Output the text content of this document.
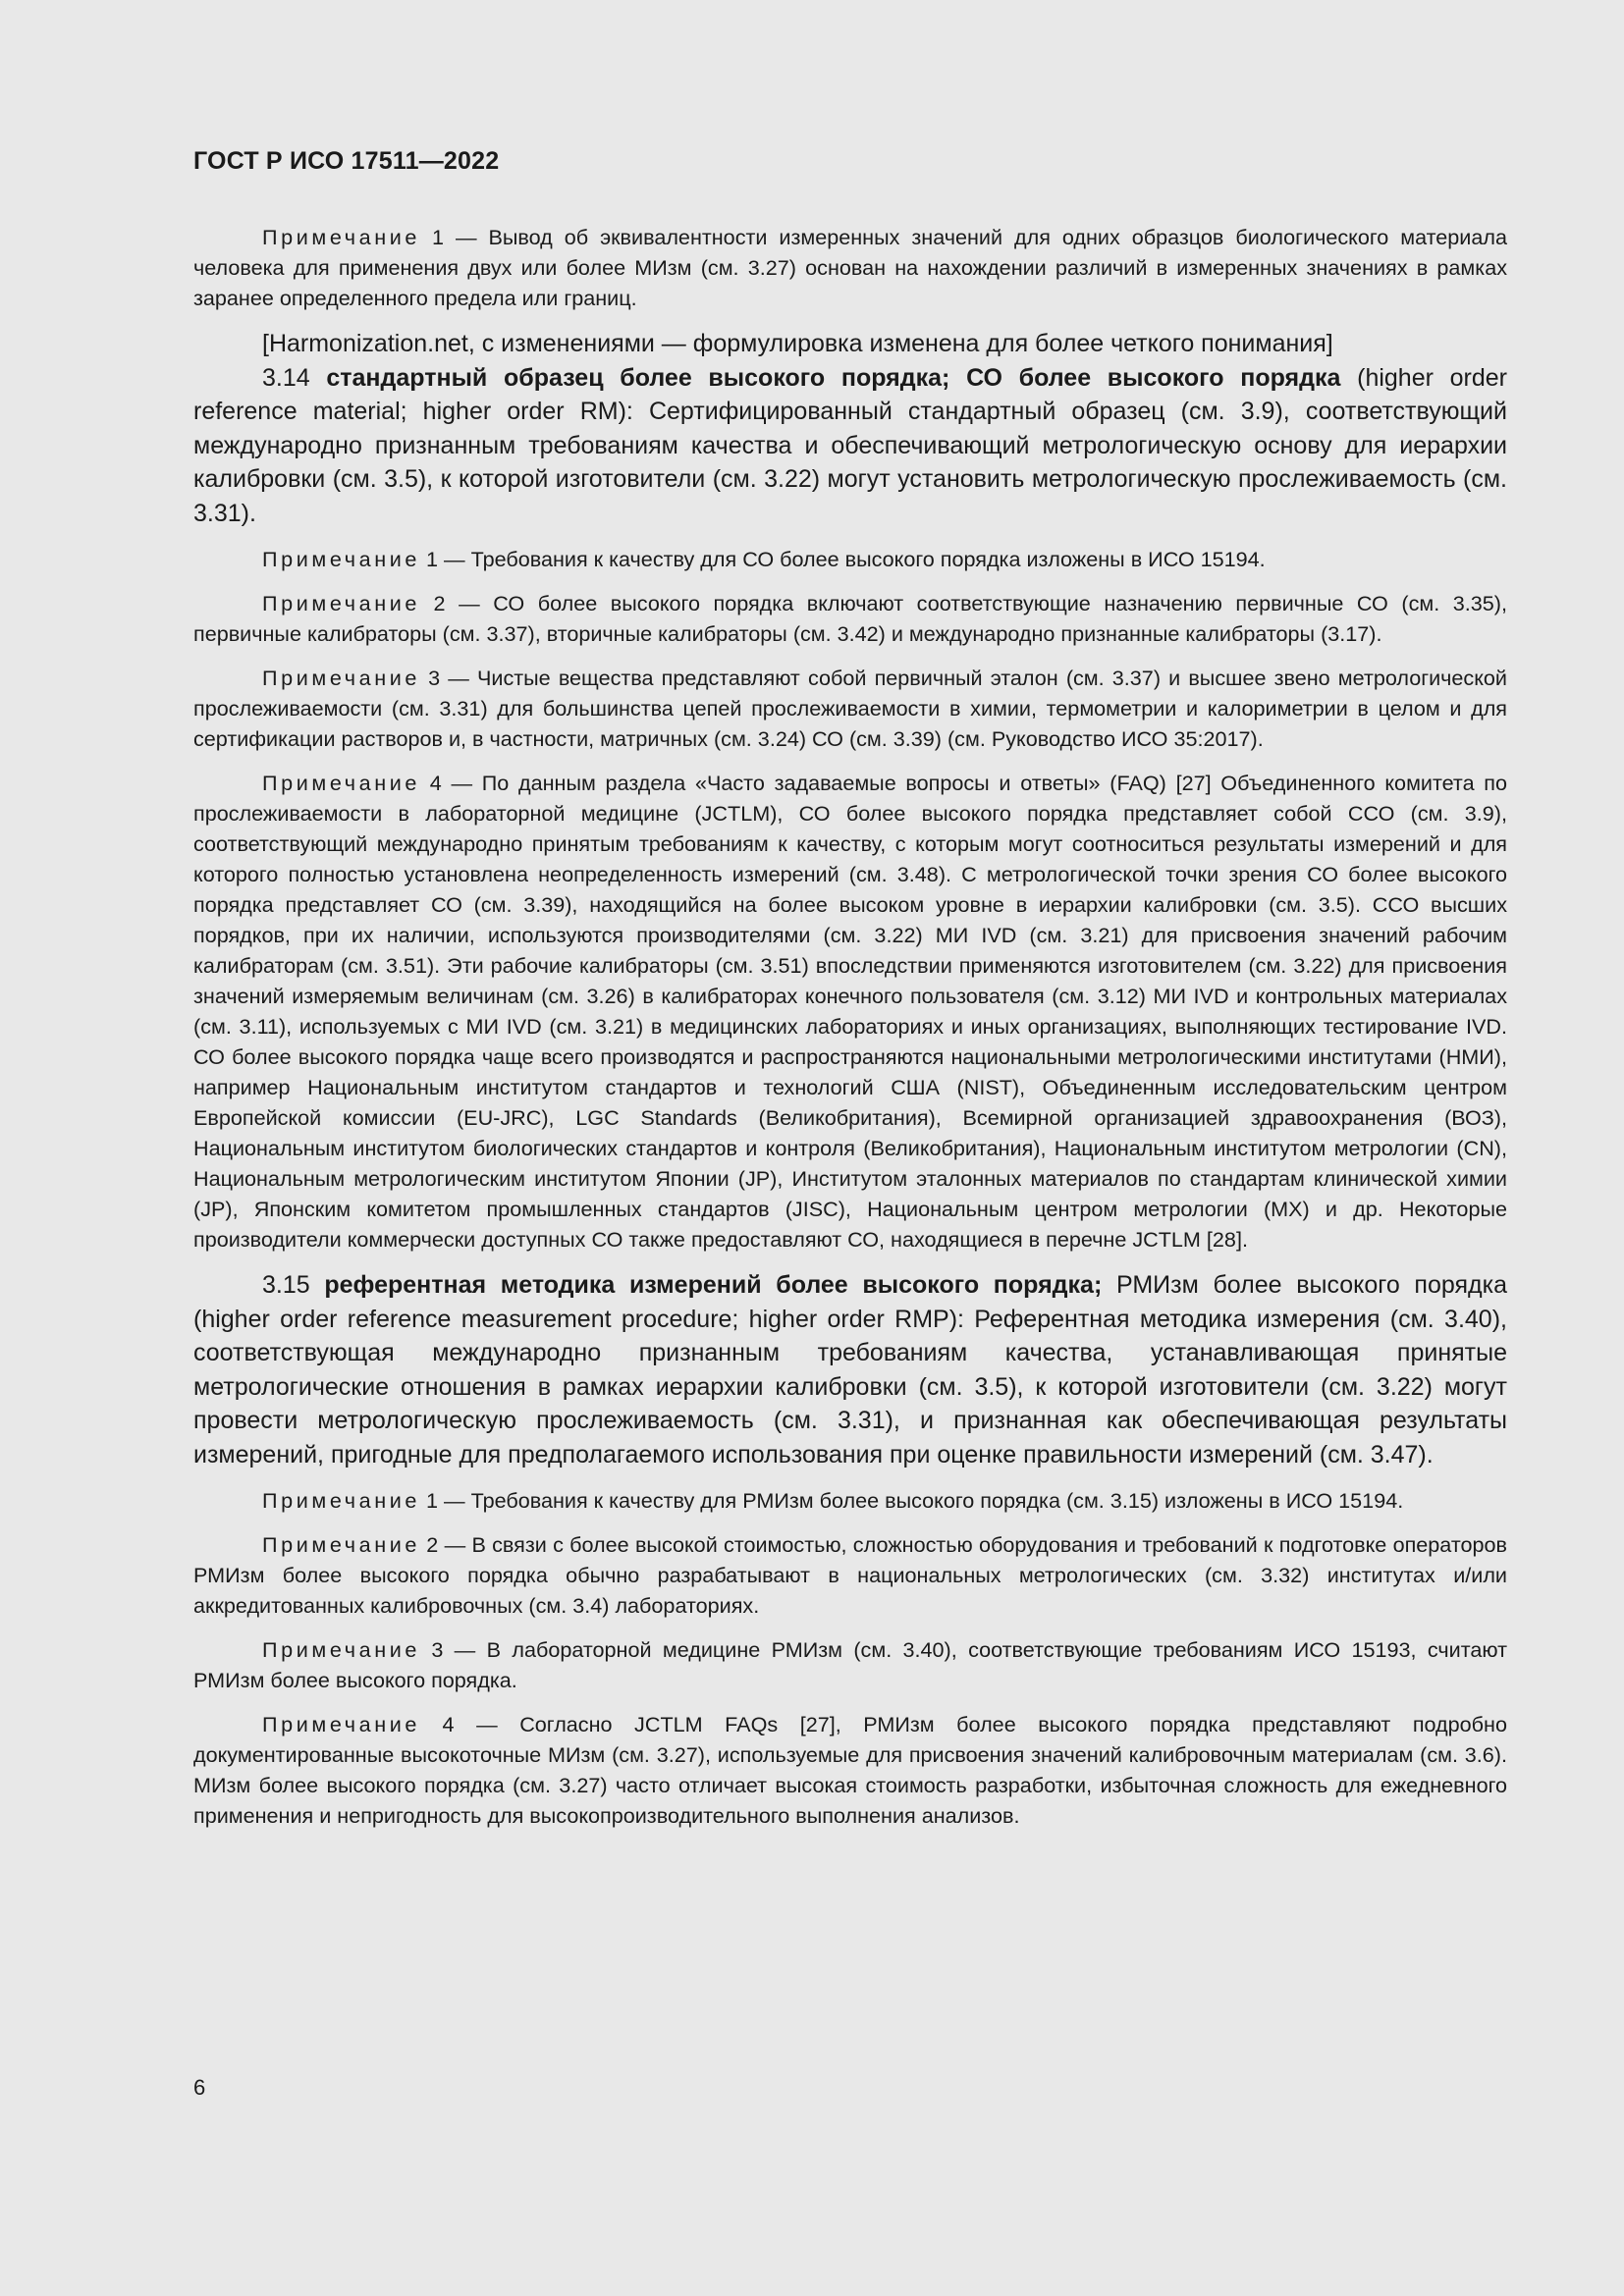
ГОСТ Р ИСО 17511—2022

Примечание 1 — Вывод об эквивалентности измеренных значений для одних образцов биологического материала человека для применения двух или более МИзм (см. 3.27) основан на нахождении различий в измеренных значениях в рамках заранее определенного предела или границ.

[Harmonization.net, с изменениями — формулировка изменена для более четкого понимания]

3.14 стандартный образец более высокого порядка; СО более высокого порядка (higher order reference material; higher order RM): Сертифицированный стандартный образец (см. 3.9), соответствующий международно признанным требованиям качества и обеспечивающий метрологическую основу для иерархии калибровки (см. 3.5), к которой изготовители (см. 3.22) могут установить метрологическую прослеживаемость (см. 3.31).

Примечание 1 — Требования к качеству для СО более высокого порядка изложены в ИСО 15194.

Примечание 2 — СО более высокого порядка включают соответствующие назначению первичные СО (см. 3.35), первичные калибраторы (см. 3.37), вторичные калибраторы (см. 3.42) и международно признанные калибраторы (3.17).

Примечание 3 — Чистые вещества представляют собой первичный эталон (см. 3.37) и высшее звено метрологической прослеживаемости (см. 3.31) для большинства цепей прослеживаемости в химии, термометрии и калориметрии в целом и для сертификации растворов и, в частности, матричных (см. 3.24) СО (см. 3.39) (см. Руководство ИСО 35:2017).

Примечание 4 — По данным раздела «Часто задаваемые вопросы и ответы» (FAQ) [27] Объединенного комитета по прослеживаемости в лабораторной медицине (JCTLM), СО более высокого порядка представляет собой ССО (см. 3.9), соответствующий международно принятым требованиям к качеству, с которым могут соотноситься результаты измерений и для которого полностью установлена неопределенность измерений (см. 3.48). С метрологической точки зрения СО более высокого порядка представляет СО (см. 3.39), находящийся на более высоком уровне в иерархии калибровки (см. 3.5). ССО высших порядков, при их наличии, используются производителями (см. 3.22) МИ IVD (см. 3.21) для присвоения значений рабочим калибраторам (см. 3.51). Эти рабочие калибраторы (см. 3.51) впоследствии применяются изготовителем (см. 3.22) для присвоения значений измеряемым величинам (см. 3.26) в калибраторах конечного пользователя (см. 3.12) МИ IVD и контрольных материалах (см. 3.11), используемых с МИ IVD (см. 3.21) в медицинских лабораториях и иных организациях, выполняющих тестирование IVD. СО более высокого порядка чаще всего производятся и распространяются национальными метрологическими институтами (НМИ), например Национальным институтом стандартов и технологий США (NIST), Объединенным исследовательским центром Европейской комиссии (EU-JRC), LGC Standards (Великобритания), Всемирной организацией здравоохранения (ВОЗ), Национальным институтом биологических стандартов и контроля (Великобритания), Национальным институтом метрологии (CN), Национальным метрологическим институтом Японии (JP), Институтом эталонных материалов по стандартам клинической химии (JP), Японским комитетом промышленных стандартов (JISC), Национальным центром метрологии (MX) и др. Некоторые производители коммерчески доступных СО также предоставляют СО, находящиеся в перечне JCTLM [28].

3.15 референтная методика измерений более высокого порядка; РМИзм более высокого порядка (higher order reference measurement procedure; higher order RMP): Референтная методика измерения (см. 3.40), соответствующая международно признанным требованиям качества, устанавливающая принятые метрологические отношения в рамках иерархии калибровки (см. 3.5), к которой изготовители (см. 3.22) могут провести метрологическую прослеживаемость (см. 3.31), и признанная как обеспечивающая результаты измерений, пригодные для предполагаемого использования при оценке правильности измерений (см. 3.47).

Примечание 1 — Требования к качеству для РМИзм более высокого порядка (см. 3.15) изложены в ИСО 15194.

Примечание 2 — В связи с более высокой стоимостью, сложностью оборудования и требований к подготовке операторов РМИзм более высокого порядка обычно разрабатывают в национальных метрологических (см. 3.32) институтах и/или аккредитованных калибровочных (см. 3.4) лабораториях.

Примечание 3 — В лабораторной медицине РМИзм (см. 3.40), соответствующие требованиям ИСО 15193, считают РМИзм более высокого порядка.

Примечание 4 — Согласно JCTLM FAQs [27], РМИзм более высокого порядка представляют подробно документированные высокоточные МИзм (см. 3.27), используемые для присвоения значений калибровочным материалам (см. 3.6). МИзм более высокого порядка (см. 3.27) часто отличает высокая стоимость разработки, избыточная сложность для ежедневного применения и непригодность для высокопроизводительного выполнения анализов.

6
